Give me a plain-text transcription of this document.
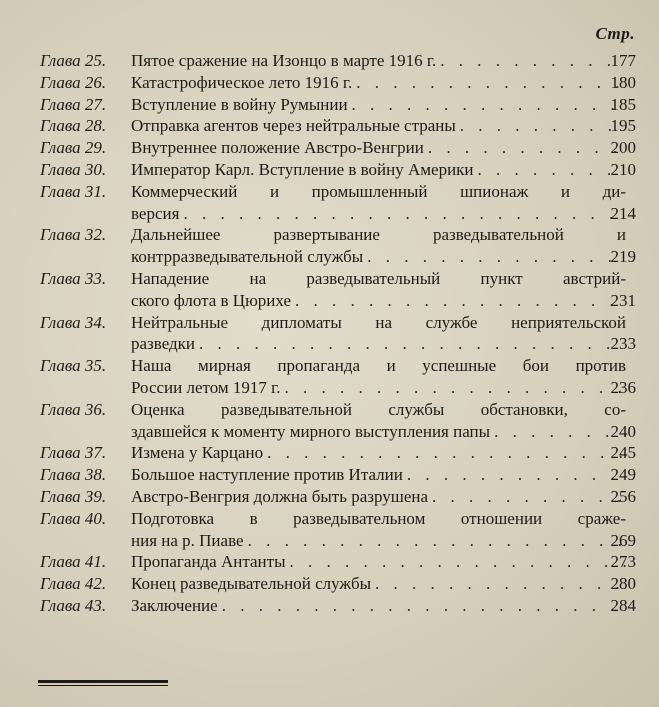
Стр.
Глава 25.	Пятое сражение на Изонцо в марте 1916 г. . . .	177
Глава 26.	Катастрофическое лето 1916 г. . . .	180
Глава 27.	Вступление в войну Румынии . . .	185
Глава 28.	Отправка агентов через нейтральные страны . . .	195
Глава 29.	Внутреннее положение Австро-Венгрии . . .	200
Глава 30.	Император Карл. Вступление в войну Америки . . .	210
Глава 31.	Коммерческий и промышленный шпионаж и ди-
версия . . .	214
Глава 32.	Дальнейшее развертывание разведывательной и
контрразведывательной службы . . .	219
Глава 33.	Нападение на разведывательный пункт австрий-
ского флота в Цюрихе . . .	231
Глава 34.	Нейтральные дипломаты на службе неприятельской
разведки . . .	233
Глава 35.	Наша мирная пропаганда и успешные бои против
России летом 1917 г. . . .	236
Глава 36.	Оценка разведывательной службы обстановки, со-
здавшейся к моменту мирного выступления папы . . .	240
Глава 37.	Измена у Карцано . . .	245
Глава 38.	Большое наступление против Италии . . .	249
Глава 39.	Австро-Венгрия должна быть разрушена . . .	256
Глава 40.	Подготовка в разведывательном отношении сраже-
ния на р. Пиаве . . .	269
Глава 41.	Пропаганда Антанты . . .	273
Глава 42.	Конец разведывательной службы . . .	280
Глава 43.	Заключение . . .	284
